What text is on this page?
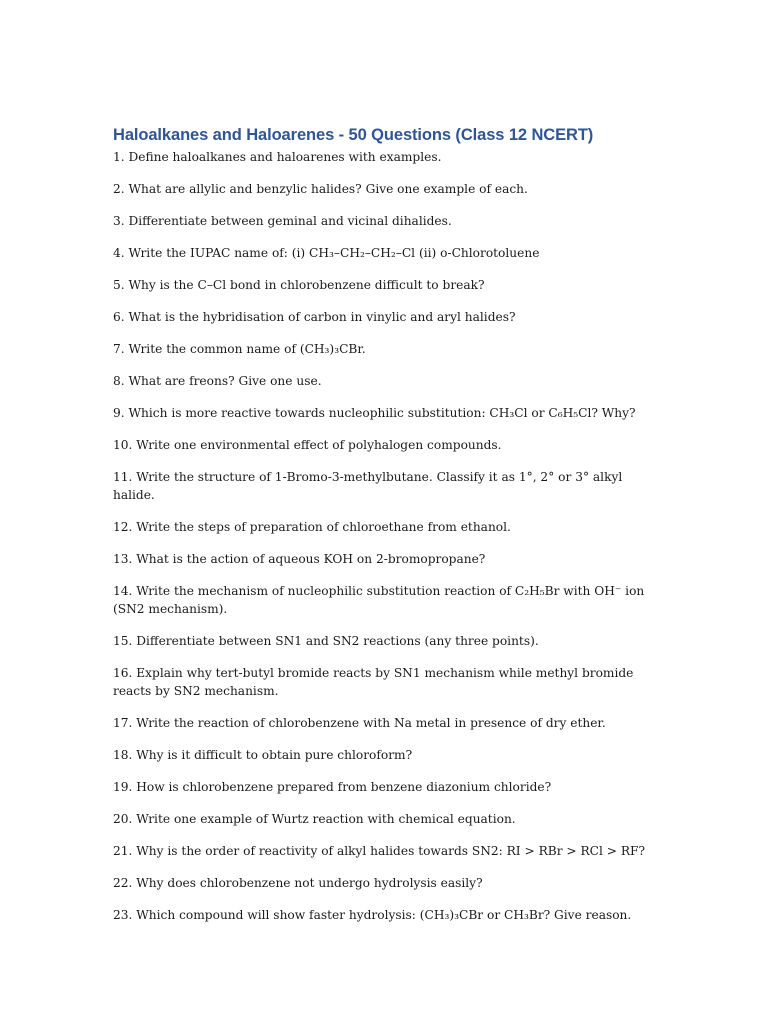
Haloalkanes and Haloarenes - 50 Questions (Class 12 NCERT)

1. Define haloalkanes and haloarenes with examples.

2. What are allylic and benzylic halides? Give one example of each.

3. Differentiate between geminal and vicinal dihalides.

4. Write the IUPAC name of: (i) CH₃–CH₂–CH₂–Cl (ii) o-Chlorotoluene

5. Why is the C–Cl bond in chlorobenzene difficult to break?

6. What is the hybridisation of carbon in vinylic and aryl halides?

7. Write the common name of (CH₃)₃CBr.

8. What are freons? Give one use.

9. Which is more reactive towards nucleophilic substitution: CH₃Cl or C₆H₅Cl? Why?

10. Write one environmental effect of polyhalogen compounds.

11. Write the structure of 1-Bromo-3-methylbutane. Classify it as 1°, 2° or 3° alkyl halide.

12. Write the steps of preparation of chloroethane from ethanol.

13. What is the action of aqueous KOH on 2-bromopropane?

14. Write the mechanism of nucleophilic substitution reaction of C₂H₅Br with OH⁻ ion (SN2 mechanism).

15. Differentiate between SN1 and SN2 reactions (any three points).

16. Explain why tert-butyl bromide reacts by SN1 mechanism while methyl bromide reacts by SN2 mechanism.

17. Write the reaction of chlorobenzene with Na metal in presence of dry ether.

18. Why is it difficult to obtain pure chloroform?

19. How is chlorobenzene prepared from benzene diazonium chloride?

20. Write one example of Wurtz reaction with chemical equation.

21. Why is the order of reactivity of alkyl halides towards SN2: RI > RBr > RCl > RF?

22. Why does chlorobenzene not undergo hydrolysis easily?

23. Which compound will show faster hydrolysis: (CH₃)₃CBr or CH₃Br? Give reason.
